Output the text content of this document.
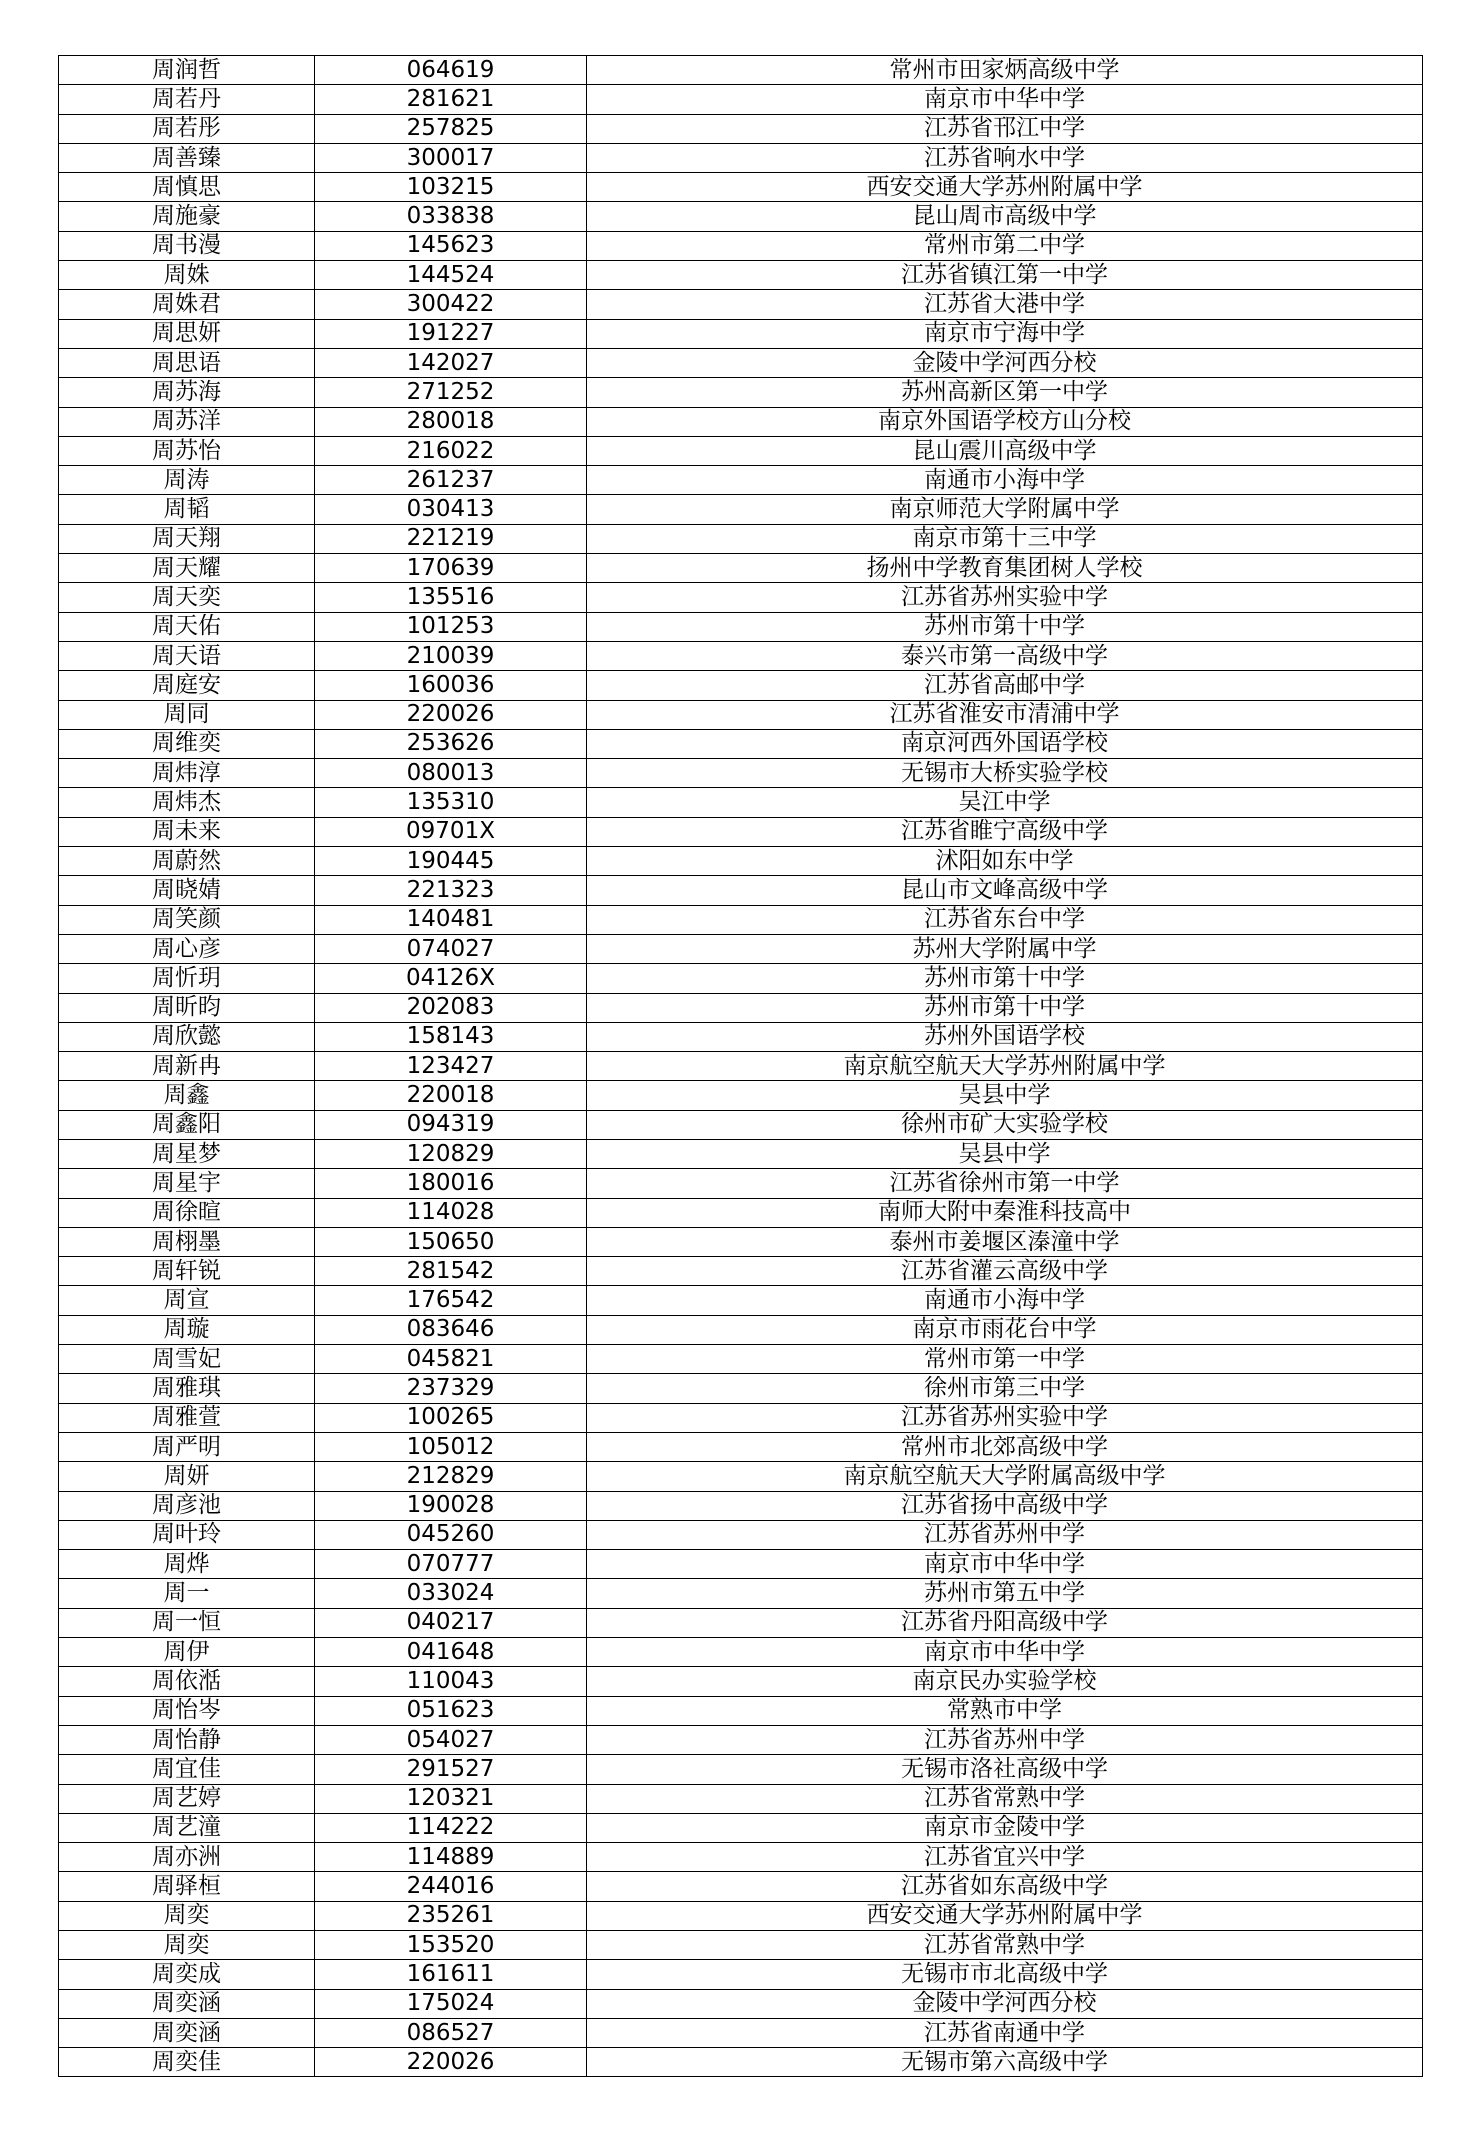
周润哲	064619	常州市田家炳高级中学
周若丹	281621	南京市中华中学
周若彤	257825	江苏省邗江中学
周善臻	300017	江苏省响水中学
周慎思	103215	西安交通大学苏州附属中学
周施豪	033838	昆山周市高级中学
周书漫	145623	常州市第二中学
周姝	144524	江苏省镇江第一中学
周姝君	300422	江苏省大港中学
周思妍	191227	南京市宁海中学
周思语	142027	金陵中学河西分校
周苏海	271252	苏州高新区第一中学
周苏洋	280018	南京外国语学校方山分校
周苏怡	216022	昆山震川高级中学
周涛	261237	南通市小海中学
周韬	030413	南京师范大学附属中学
周天翔	221219	南京市第十三中学
周天耀	170639	扬州中学教育集团树人学校
周天奕	135516	江苏省苏州实验中学
周天佑	101253	苏州市第十中学
周天语	210039	泰兴市第一高级中学
周庭安	160036	江苏省高邮中学
周同	220026	江苏省淮安市清浦中学
周维奕	253626	南京河西外国语学校
周炜淳	080013	无锡市大桥实验学校
周炜杰	135310	吴江中学
周未来	09701X	江苏省睢宁高级中学
周蔚然	190445	沭阳如东中学
周晓婧	221323	昆山市文峰高级中学
周笑颜	140481	江苏省东台中学
周心彦	074027	苏州大学附属中学
周忻玥	04126X	苏州市第十中学
周昕昀	202083	苏州市第十中学
周欣懿	158143	苏州外国语学校
周新冉	123427	南京航空航天大学苏州附属中学
周鑫	220018	吴县中学
周鑫阳	094319	徐州市矿大实验学校
周星梦	120829	吴县中学
周星宇	180016	江苏省徐州市第一中学
周徐暄	114028	南师大附中秦淮科技高中
周栩墨	150650	泰州市姜堰区溱潼中学
周轩锐	281542	江苏省灌云高级中学
周宣	176542	南通市小海中学
周璇	083646	南京市雨花台中学
周雪妃	045821	常州市第一中学
周雅琪	237329	徐州市第三中学
周雅萱	100265	江苏省苏州实验中学
周严明	105012	常州市北郊高级中学
周妍	212829	南京航空航天大学附属高级中学
周彦池	190028	江苏省扬中高级中学
周叶玲	045260	江苏省苏州中学
周烨	070777	南京市中华中学
周一	033024	苏州市第五中学
周一恒	040217	江苏省丹阳高级中学
周伊	041648	南京市中华中学
周依湉	110043	南京民办实验学校
周怡岑	051623	常熟市中学
周怡静	054027	江苏省苏州中学
周宜佳	291527	无锡市洛社高级中学
周艺婷	120321	江苏省常熟中学
周艺潼	114222	南京市金陵中学
周亦洲	114889	江苏省宜兴中学
周驿桓	244016	江苏省如东高级中学
周奕	235261	西安交通大学苏州附属中学
周奕	153520	江苏省常熟中学
周奕成	161611	无锡市市北高级中学
周奕涵	175024	金陵中学河西分校
周奕涵	086527	江苏省南通中学
周奕佳	220026	无锡市第六高级中学
